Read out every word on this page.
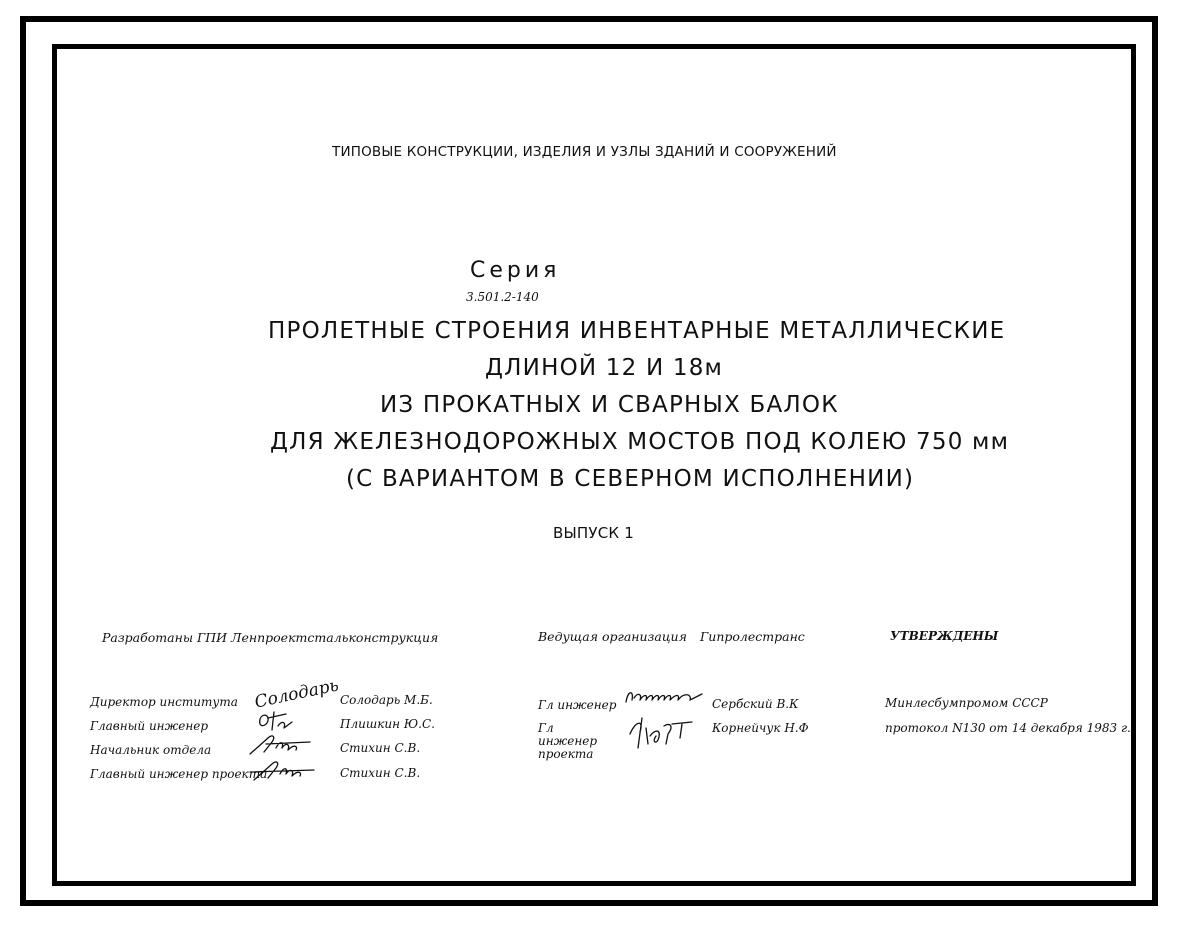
ТИПОВЫЕ КОНСТРУКЦИИ, ИЗДЕЛИЯ И УЗЛЫ ЗДАНИЙ И СООРУЖЕНИЙ
Серия
3.501.2-140
ПРОЛЕТНЫЕ СТРОЕНИЯ ИНВЕНТАРНЫЕ МЕТАЛЛИЧЕСКИЕ
ДЛИНОЙ 12 И 18м
ИЗ ПРОКАТНЫХ И СВАРНЫХ БАЛОК
ДЛЯ ЖЕЛЕЗНОДОРОЖНЫХ МОСТОВ ПОД КОЛЕЮ 750 мм
(С ВАРИАНТОМ В СЕВЕРНОМ ИСПОЛНЕНИИ)
ВЫПУСК 1
Разработаны ГПИ Ленпроектстальконструкция
Директор института
Главный инженер
Начальник отдела
Главный инженер проекта
Солодарь М.Б.
Плишкин Ю.С.
Стихин С.В.
Стихин С.В.
Солодарь
Ведущая организация Гипролестранс
Гл инженер
Гл инженер проекта
Сербский В.К
Корнейчук Н.Ф
УТВЕРЖДЕНЫ
Минлесбумпромом СССР
протокол N130 от 14 декабря 1983 г.
